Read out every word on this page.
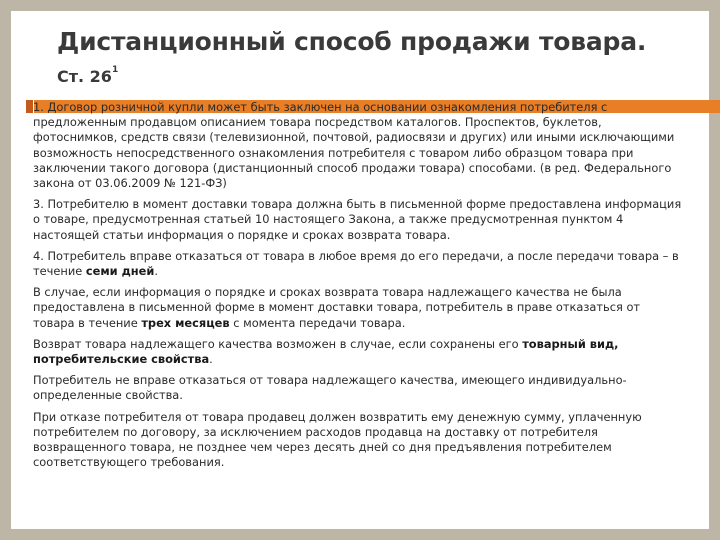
Дистанционный способ продажи товара.
Ст. $26^1$

1. Договор розничной купли может быть заключен на основании ознакомления потребителя с предложенным продавцом описанием товара посредством каталогов. Проспектов, буклетов, фотоснимков, средств связи (телевизионной, почтовой, радиосвязи и других) или иными исключающими возможность непосредственного ознакомления потребителя с товаром либо образцом товара при заключении такого договора (дистанционный способ продажи товара) способами. (в ред. Федерального закона от 03.06.2009 № 121-ФЗ)

3. Потребителю в момент доставки товара должна быть в письменной форме предоставлена информация о товаре, предусмотренная статьей 10 настоящего Закона, а также предусмотренная пунктом 4 настоящей статьи информация о порядке и сроках возврата товара.

4. Потребитель вправе отказаться от товара в любое время до его передачи, а после передачи товара – в течение семи дней.

В случае, если информация о порядке и сроках возврата товара надлежащего качества не была предоставлена в письменной форме в момент доставки товара, потребитель в праве отказаться от товара в течение трех месяцев с момента передачи товара.

Возврат товара надлежащего качества возможен в случае, если сохранены его товарный вид, потребительские свойства.

Потребитель не вправе отказаться от товара надлежащего качества, имеющего индивидуально-определенные свойства.

При отказе потребителя от товара продавец должен возвратить ему денежную сумму, уплаченную потребителем по договору, за исключением расходов продавца на доставку от потребителя возвращенного товара, не позднее чем через десять дней со дня предъявления потребителем соответствующего требования.
